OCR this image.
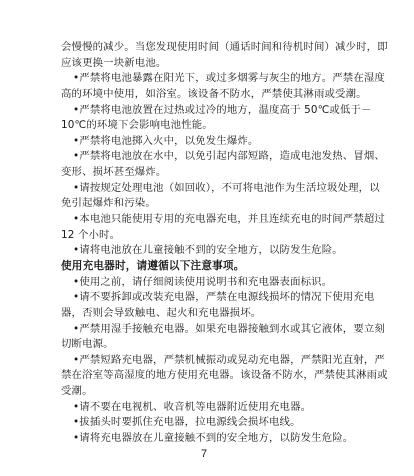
会慢慢的减少。当您发现使用时间（通话时间和待机时间）减少时，即
应该更换一块新电池。
•严禁将电池暴露在阳光下，或过多烟雾与灰尘的地方。严禁在湿度
高的环境中使用，如浴室。该设备不防水，严禁使其淋雨或受潮。
•严禁将电池放置在过热或过冷的地方，温度高于 50℃或低于－
10℃的环境下会影响电池性能。
•严禁将电池掷入火中，以免发生爆炸。
•严禁将电池放在水中，以免引起内部短路，造成电池发热、冒烟、
变形、损坏甚至爆炸。
•请按规定处理电池（如回收），不可将电池作为生活垃圾处理，以
免引起爆炸和污染。
•本电池只能使用专用的充电器充电，并且连续充电的时间严禁超过
12 个小时。
•请将电池放在儿童接触不到的安全地方，以防发生危险。
使用充电器时，请遵循以下注意事项。
•使用之前，请仔细阅读使用说明书和充电器表面标识。
•请不要拆卸或改装充电器，严禁在电源线损坏的情况下使用充电
器，否则会导致触电、起火和充电器损坏。
•严禁用湿手接触充电器。如果充电器接触到水或其它液体，要立刻
切断电源。
•严禁短路充电器，严禁机械振动或晃动充电器，严禁阳光直射，严
禁在浴室等高湿度的地方使用充电器。该设备不防水，严禁使其淋雨或
受潮。
•请不要在电视机、收音机等电器附近使用充电器。
•拔插头时要抓住充电器，拉电源线会损坏电线。
•请将充电器放在儿童接触不到的安全地方，以防发生危险。
7
